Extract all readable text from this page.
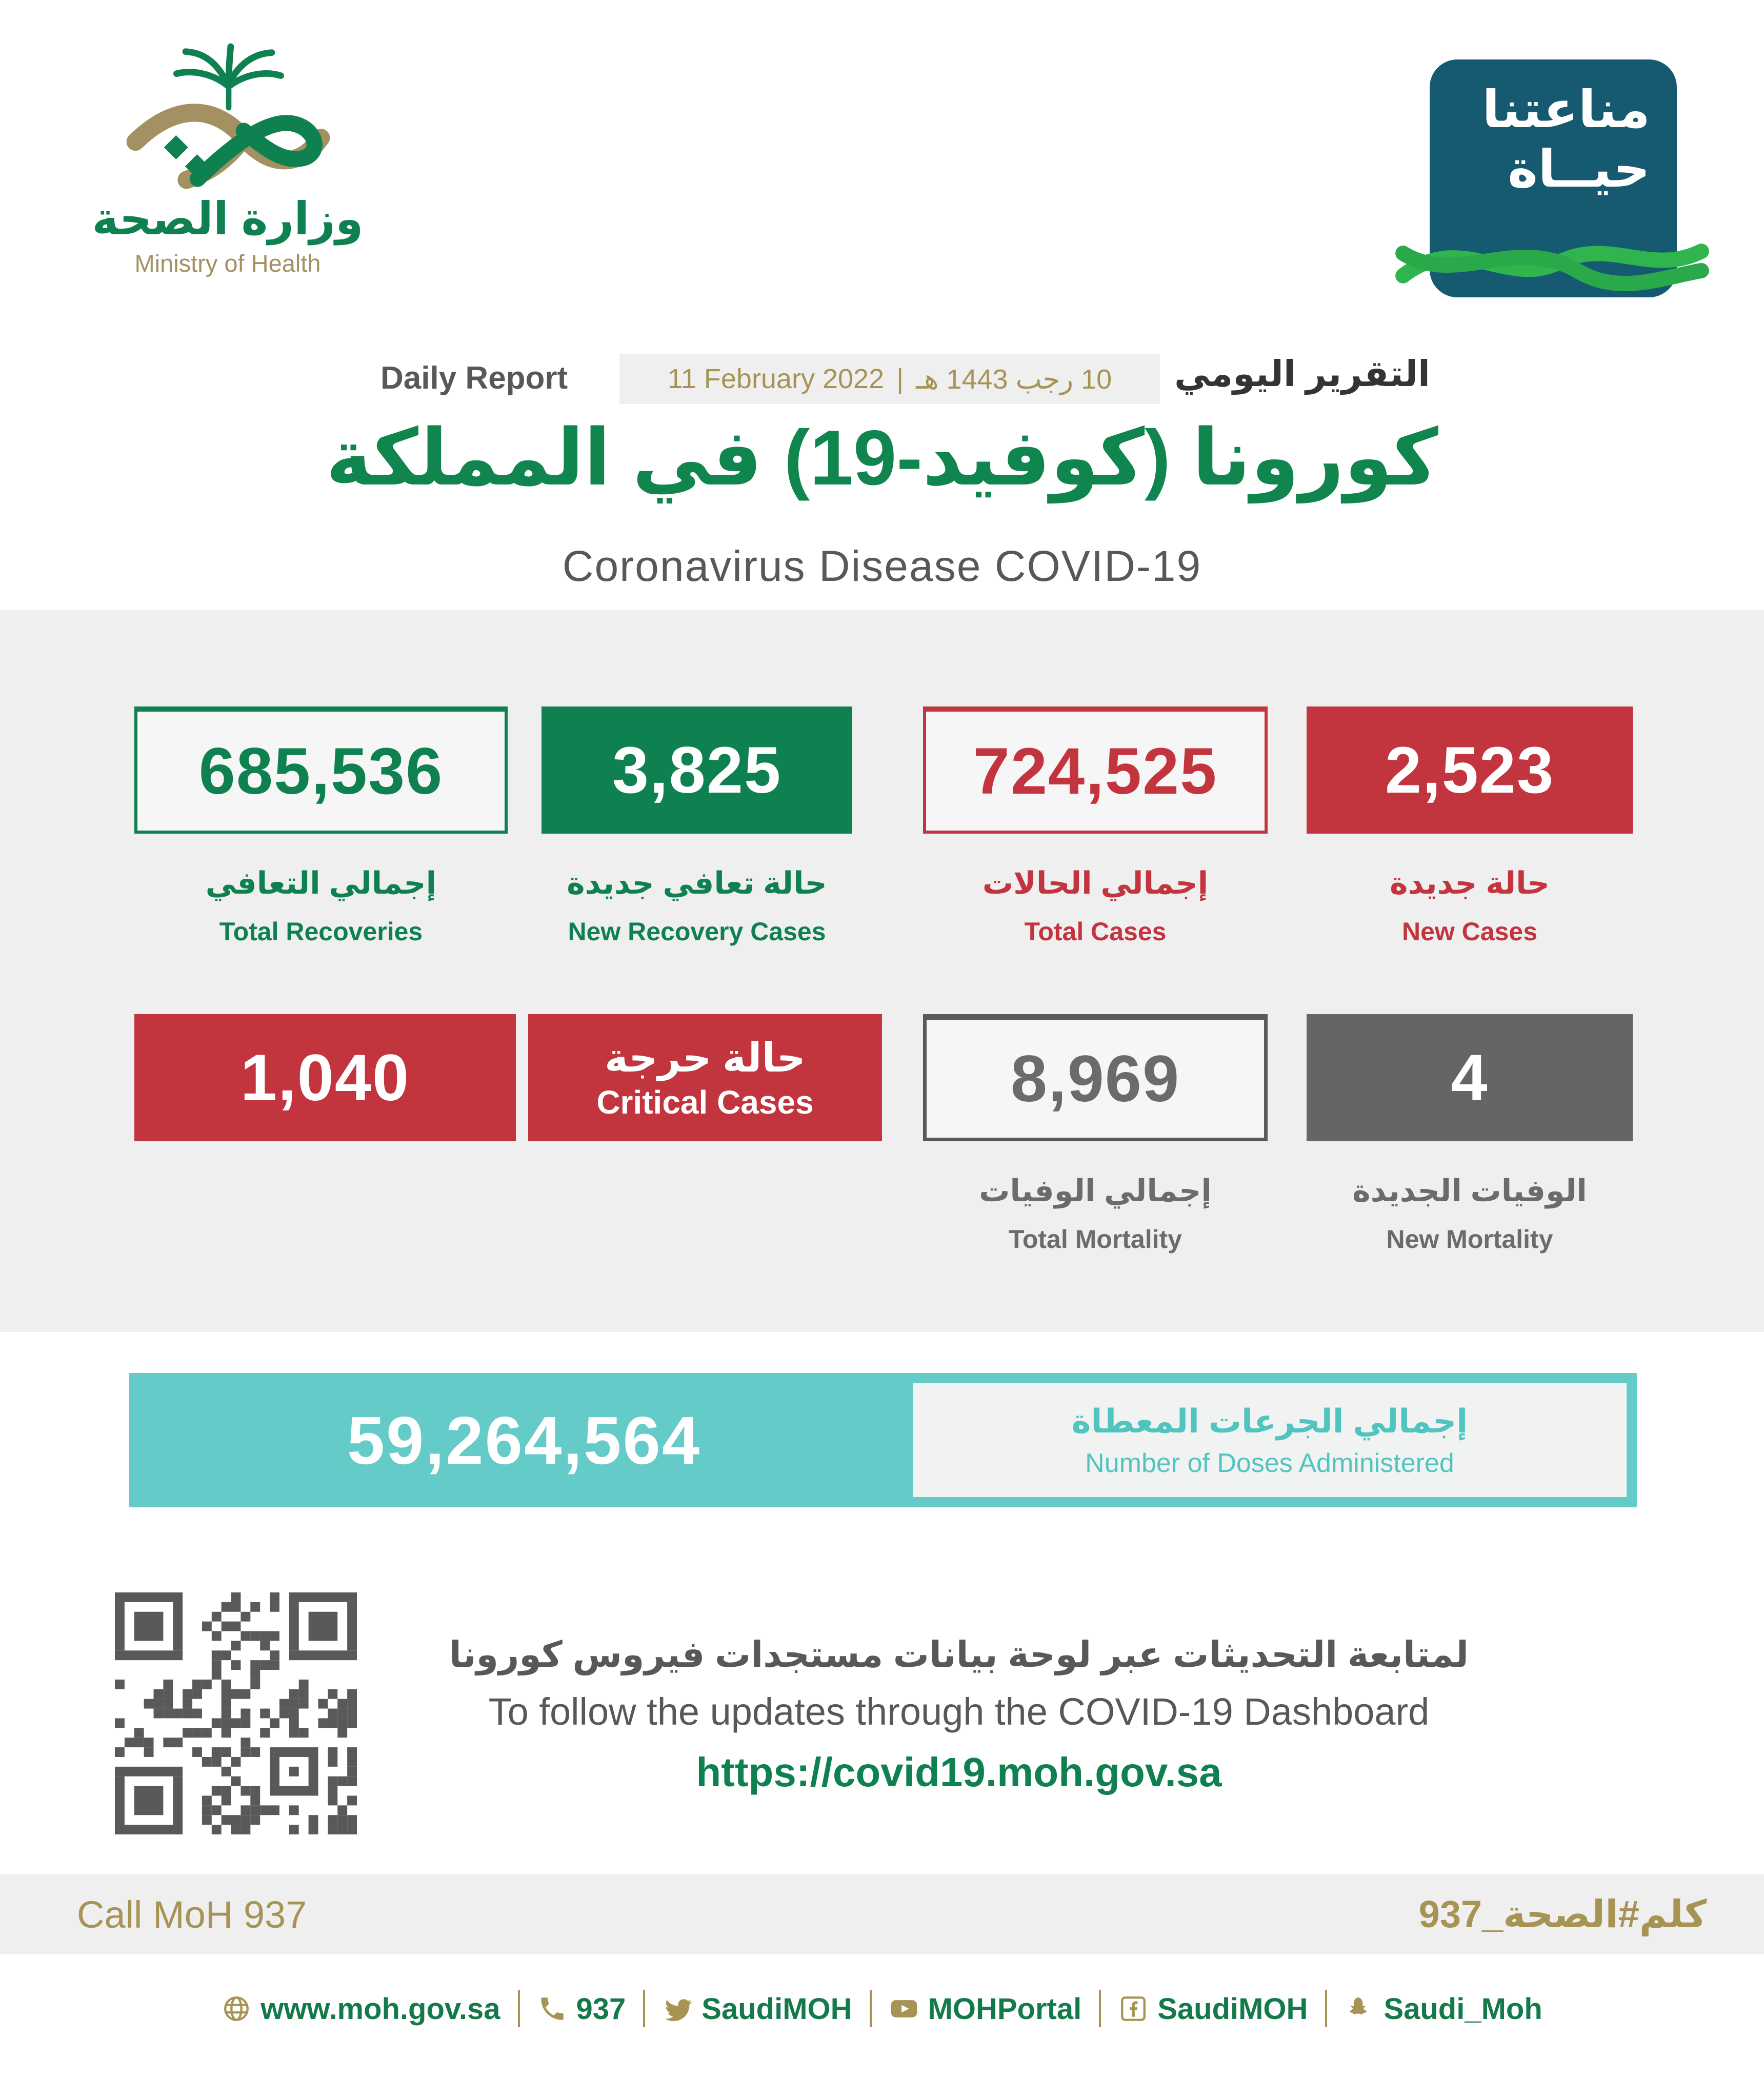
وزارة الصحة
Ministry of Health
مناعتنا
حيــاة
Daily Report	11 February 2022 | 10 رجب 1443 هـ التقرير اليومي
كورونا (كوفيد-19) في المملكة
Coronavirus Disease COVID-19
685,536	3,825	724,525	2,523
إجمالي التعافي
Total Recoveries
حالة تعافي جديدة
New Recovery Cases
إجمالي الحالات
Total Cases
حالة جديدة
New Cases
1,040	حالة حرجة
Critical Cases	8,969	4
إجمالي الوفيات
Total Mortality
الوفيات الجديدة
New Mortality
59,264,564	إجمالي الجرعات المعطاة
Number of Doses Administered
لمتابعة التحديثات عبر لوحة بيانات مستجدات فيروس كورونا
To follow the updates through the COVID-19 Dashboard
https://covid19.moh.gov.sa
Call MoH 937	كلم#الصحة_937
www.moh.gov.sa	937	SaudiMOH	MOHPortal	SaudiMOH	Saudi_Moh
